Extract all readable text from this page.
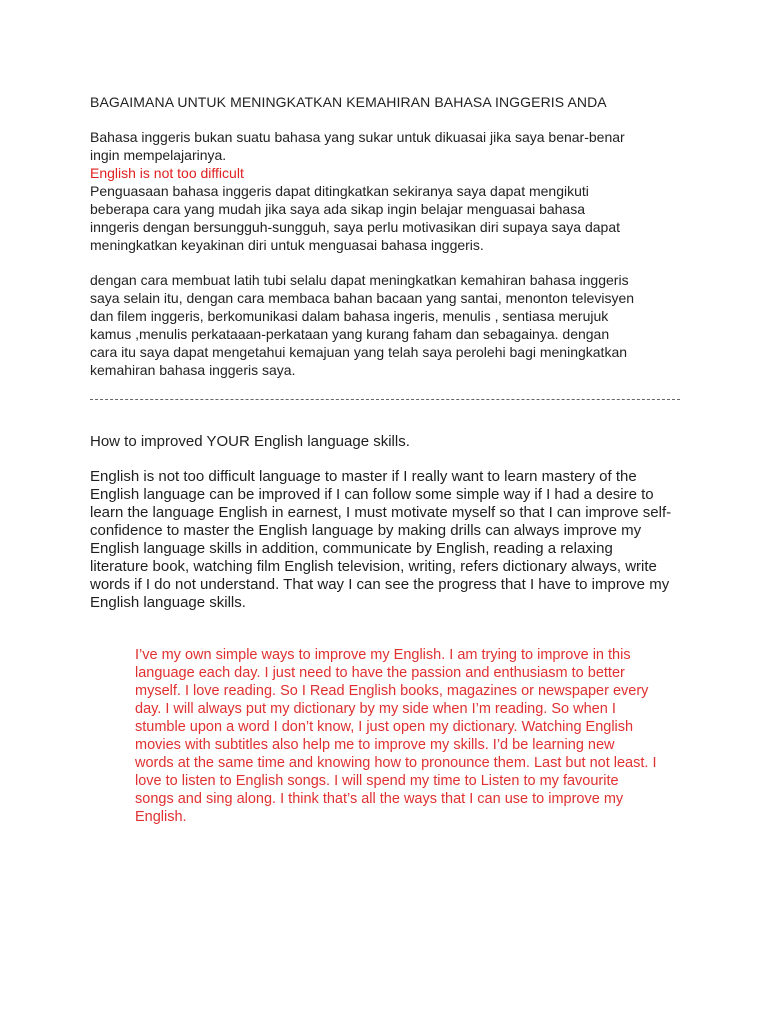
BAGAIMANA UNTUK MENINGKATKAN KEMAHIRAN BAHASA INGGERIS ANDA

Bahasa inggeris bukan suatu bahasa yang sukar untuk dikuasai jika saya benar-benar
ingin mempelajarinya.

English is not too difficult

Penguasaan bahasa inggeris dapat ditingkatkan sekiranya saya dapat mengikuti
beberapa cara yang mudah jika saya ada sikap ingin belajar menguasai bahasa
inngeris dengan bersungguh-sungguh, saya perlu motivasikan diri supaya saya dapat
meningkatkan keyakinan diri untuk menguasai bahasa inggeris.

dengan cara membuat latih tubi selalu dapat meningkatkan kemahiran bahasa inggeris
saya selain itu, dengan cara membaca bahan bacaan yang santai, menonton televisyen
dan filem inggeris, berkomunikasi dalam bahasa ingeris, menulis , sentiasa merujuk
kamus ,menulis perkataaan-perkataan yang kurang faham dan sebagainya. dengan
cara itu saya dapat mengetahui kemajuan yang telah saya perolehi bagi meningkatkan
kemahiran bahasa inggeris saya.

How to improved YOUR English language skills.

English is not too difficult language to master if I really want to learn mastery of the
English language can be improved if I can follow some simple way if I had a desire to
learn the language English in earnest, I must motivate myself so that I can improve self-
confidence to master the English language by making drills can always improve my
English language skills in addition, communicate by English, reading a relaxing
literature book, watching film English television, writing, refers dictionary always, write
words if I do not understand. That way I can see the progress that I have to improve my
English language skills.

I’ve my own simple ways to improve my English. I am trying to improve in this
language each day. I just need to have the passion and enthusiasm to better
myself. I love reading. So I Read English books, magazines or newspaper every
day. I will always put my dictionary by my side when I’m reading. So when I
stumble upon a word I don’t know, I just open my dictionary. Watching English
movies with subtitles also help me to improve my skills. I’d be learning new
words at the same time and knowing how to pronounce them. Last but not least. I
love to listen to English songs. I will spend my time to Listen to my favourite
songs and sing along. I think that’s all the ways that I can use to improve my
English.
